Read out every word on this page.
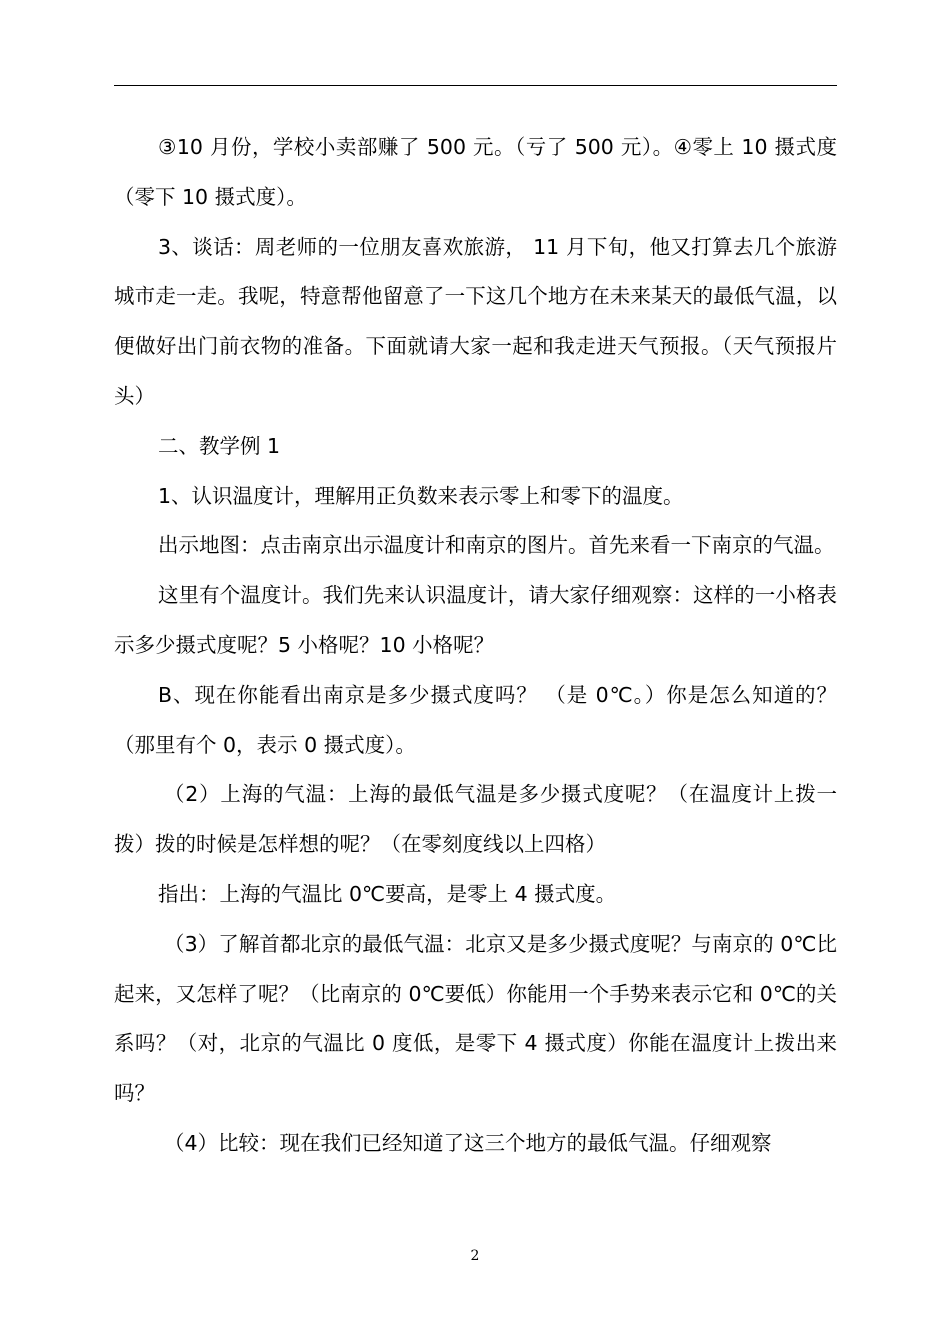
③10 月份，学校小卖部赚了 500 元。（亏了 500 元）。④零上 10 摄式度（零下 10 摄式度）。

3、谈话：周老师的一位朋友喜欢旅游， 11 月下旬，他又打算去几个旅游城市走一走。我呢，特意帮他留意了一下这几个地方在未来某天的最低气温，以便做好出门前衣物的准备。下面就请大家一起和我走进天气预报。（天气预报片头）

二、教学例 1

1、认识温度计，理解用正负数来表示零上和零下的温度。

出示地图：点击南京出示温度计和南京的图片。首先来看一下南京的气温。

这里有个温度计。我们先来认识温度计，请大家仔细观察：这样的一小格表示多少摄式度呢？5 小格呢？10 小格呢？

B、现在你能看出南京是多少摄式度吗？ （是 0℃。）你是怎么知道的？（那里有个 0，表示 0 摄式度）。

（2）上海的气温：上海的最低气温是多少摄式度呢？（在温度计上拨一拨）拨的时候是怎样想的呢？（在零刻度线以上四格）

指出：上海的气温比 0℃要高，是零上 4 摄式度。

（3）了解首都北京的最低气温：北京又是多少摄式度呢？与南京的 0℃比起来，又怎样了呢？（比南京的 0℃要低）你能用一个手势来表示它和 0℃的关系吗？（对，北京的气温比 0 度低，是零下 4 摄式度）你能在温度计上拨出来吗？

（4）比较：现在我们已经知道了这三个地方的最低气温。仔细观察

2
